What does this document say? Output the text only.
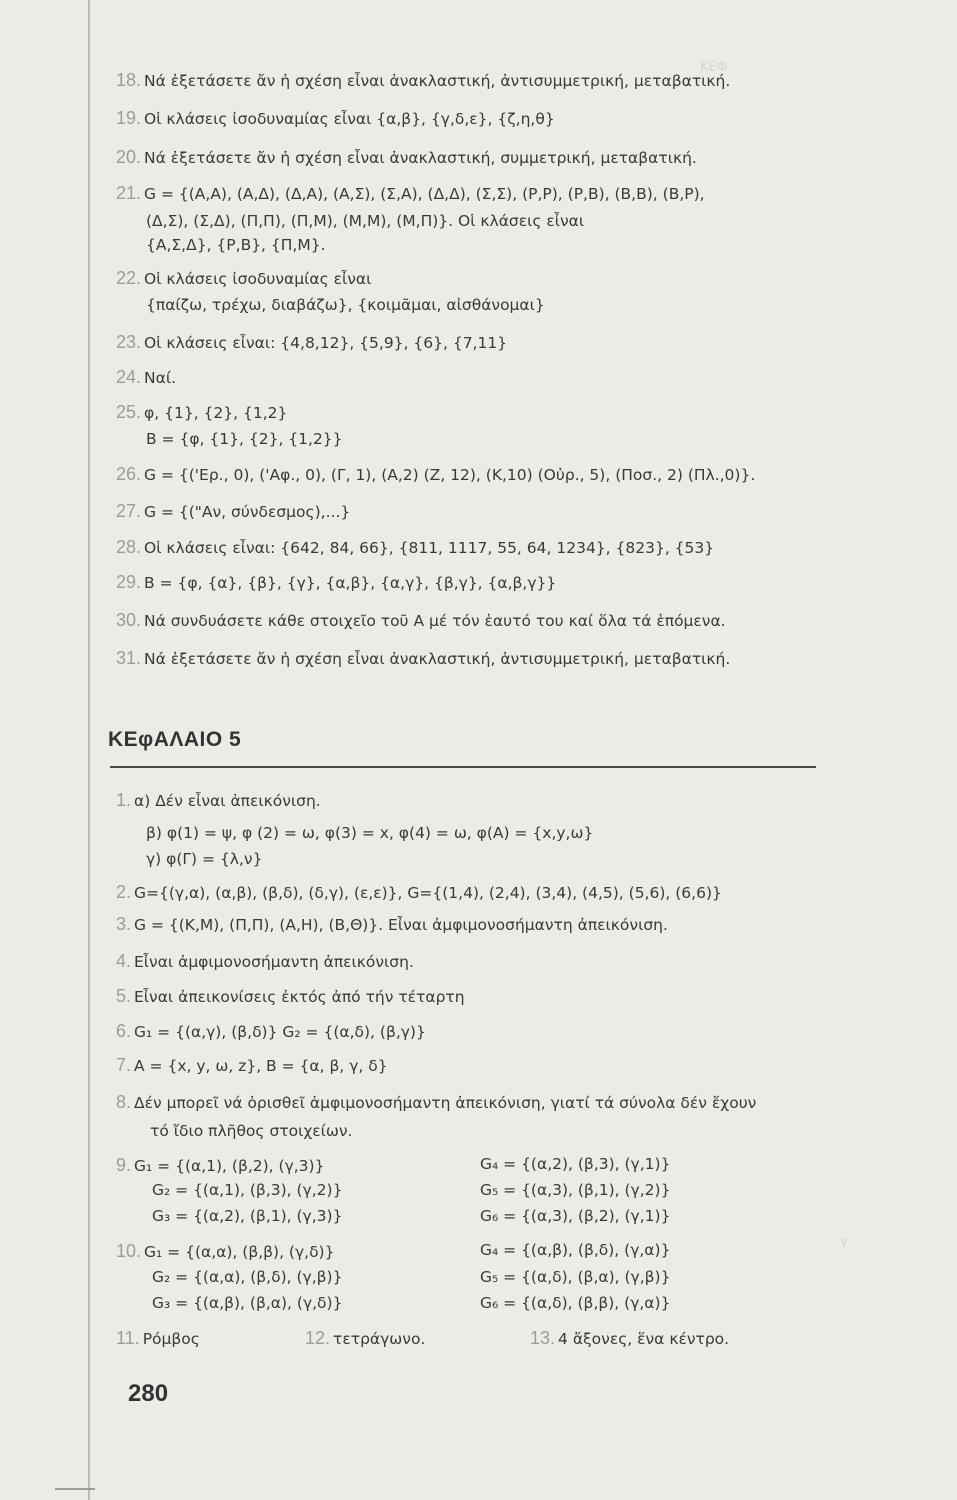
ΚΕΦ
γ
18. Νά ἐξετάσετε ἄν ἡ σχέση εἶναι ἀνακλαστική, ἀντισυμμετρική, μεταβατική.
19. Οἱ κλάσεις ἰσοδυναμίας εἶναι {α,β}, {γ,δ,ε}, {ζ,η,θ}
20. Νά ἐξετάσετε ἄν ἡ σχέση εἶναι ἀνακλαστική, συμμετρική, μεταβατική.
21. G = {(Α,Α), (Α,Δ), (Δ,Α), (Α,Σ), (Σ,Α), (Δ,Δ), (Σ,Σ), (Ρ,Ρ), (Ρ,Β), (Β,Β), (Β,Ρ),
(Δ,Σ), (Σ,Δ), (Π,Π), (Π,Μ), (Μ,Μ), (Μ,Π)}. Οἱ κλάσεις εἶναι
{Α,Σ,Δ}, {Ρ,Β}, {Π,Μ}.
22. Οἱ κλάσεις ἰσοδυναμίας εἶναι
{παίζω, τρέχω, διαβάζω}, {κοιμᾶμαι, αἰσθάνομαι}
23. Οἱ κλάσεις εἶναι: {4,8,12}, {5,9}, {6}, {7,11}
24. Ναί.
25. φ, {1}, {2}, {1,2}
Β = {φ, {1}, {2}, {1,2}}
26. G = {('Ερ., 0), ('Αφ., 0), (Γ, 1), (Α,2) (Ζ, 12), (Κ,10) (Οὐρ., 5), (Ποσ., 2) (Πλ.,0)}.
27. G = {("Αν, σύνδεσμος),...}
28. Οἱ κλάσεις εἶναι: {642, 84, 66}, {811, 1117, 55, 64, 1234}, {823}, {53}
29. Β = {φ, {α}, {β}, {γ}, {α,β}, {α,γ}, {β,γ}, {α,β,γ}}
30. Νά συνδυάσετε κάθε στοιχεῖο τοῦ Α μέ τόν ἑαυτό του καί ὅλα τά ἑπόμενα.
31. Νά ἐξετάσετε ἄν ἡ σχέση εἶναι ἀνακλαστική, ἀντισυμμετρική, μεταβατική.
ΚΕφΑΛΑΙΟ 5
1. α) Δέν εἶναι ἀπεικόνιση.
β) φ(1) = ψ, φ (2) = ω, φ(3) = x, φ(4) = ω, φ(Α) = {x,y,ω}
γ) φ(Γ) = {λ,ν}
2. G={(γ,α), (α,β), (β,δ), (δ,γ), (ε,ε)}, G={(1,4), (2,4), (3,4), (4,5), (5,6), (6,6)}
3. G = {(Κ,Μ), (Π,Π), (Α,Η), (Β,Θ)}. Εἶναι ἀμφιμονοσήμαντη ἀπεικόνιση.
4. Εἶναι ἀμφιμονοσήμαντη ἀπεικόνιση.
5. Εἶναι ἀπεικονίσεις ἐκτός ἀπό τήν τέταρτη
6. G₁ = {(α,γ), (β,δ)} G₂ = {(α,δ), (β,γ)}
7. Α = {x, y, ω, z}, Β = {α, β, γ, δ}
8. Δέν μπορεῖ νά ὁρισθεῖ ἀμφιμονοσήμαντη ἀπεικόνιση, γιατί τά σύνολα δέν ἔχουν
τό ἴδιο πλῆθος στοιχείων.
9. G₁ = {(α,1), (β,2), (γ,3)}
G₂ = {(α,1), (β,3), (γ,2)}
G₃ = {(α,2), (β,1), (γ,3)}
G₄ = {(α,2), (β,3), (γ,1)}
G₅ = {(α,3), (β,1), (γ,2)}
G₆ = {(α,3), (β,2), (γ,1)}
10. G₁ = {(α,α), (β,β), (γ,δ)}
G₂ = {(α,α), (β,δ), (γ,β)}
G₃ = {(α,β), (β,α), (γ,δ)}
G₄ = {(α,β), (β,δ), (γ,α)}
G₅ = {(α,δ), (β,α), (γ,β)}
G₆ = {(α,δ), (β,β), (γ,α)}
11. Ρόμβος	12. τετράγωνο.	13. 4 ἄξονες, ἕνα κέντρο.
280
